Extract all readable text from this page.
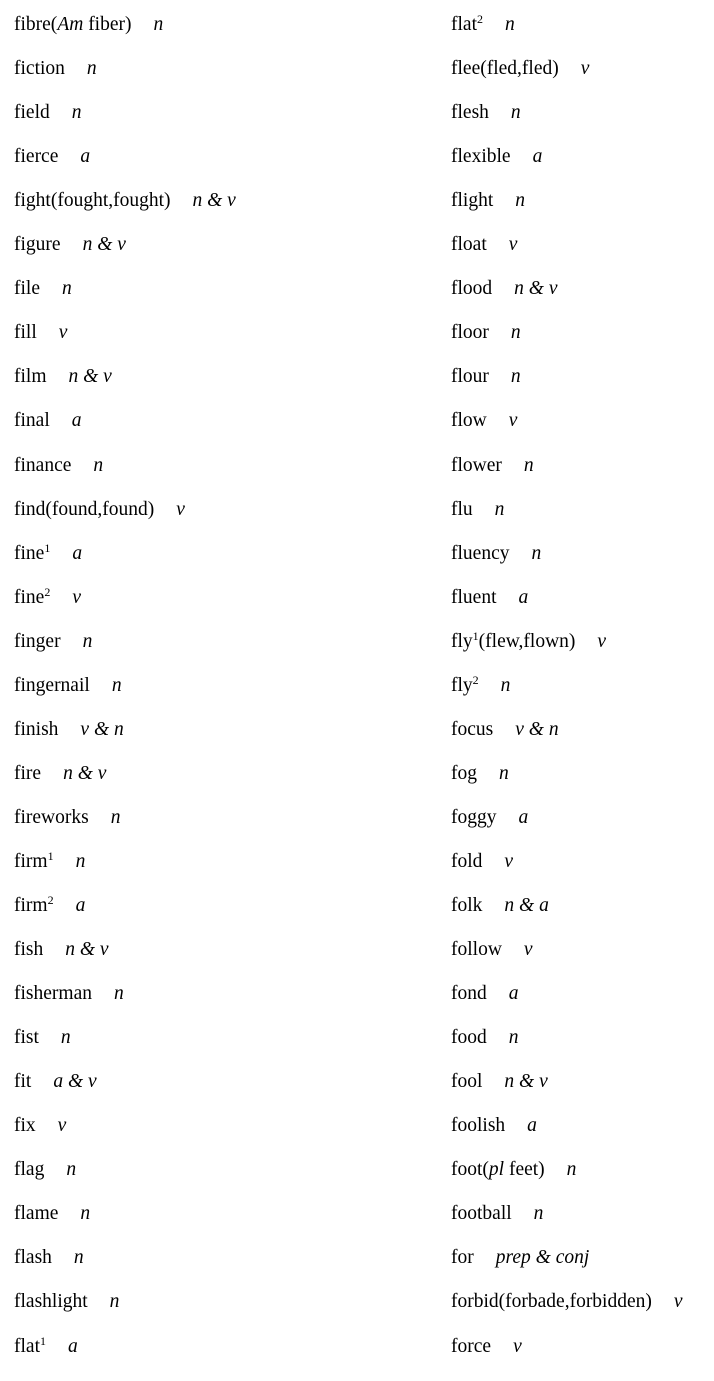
fibre(Am fiber) n
fiction n
field n
fierce a
fight(fought,fought) n & v
figure n & v
file n
fill v
film n & v
final a
finance n
find(found,found) v
fine$^1$ a
fine$^2$ v
finger n
fingernail n
finish v & n
fire n & v
fireworks n
firm$^1$ n
firm$^2$ a
fish n & v
fisherman n
fist n
fit a & v
fix v
flag n
flame n
flash n
flashlight n
flat$^1$ a
flat$^2$ n
flee(fled,fled) v
flesh n
flexible a
flight n
float v
flood n & v
floor n
flour n
flow v
flower n
flu n
fluency n
fluent a
fly$^1$(flew,flown) v
fly$^2$ n
focus v & n
fog n
foggy a
fold v
folk n & a
follow v
fond a
food n
fool n & v
foolish a
foot(pl feet) n
football n
for prep & conj
forbid(forbade,forbidden) v
force v
